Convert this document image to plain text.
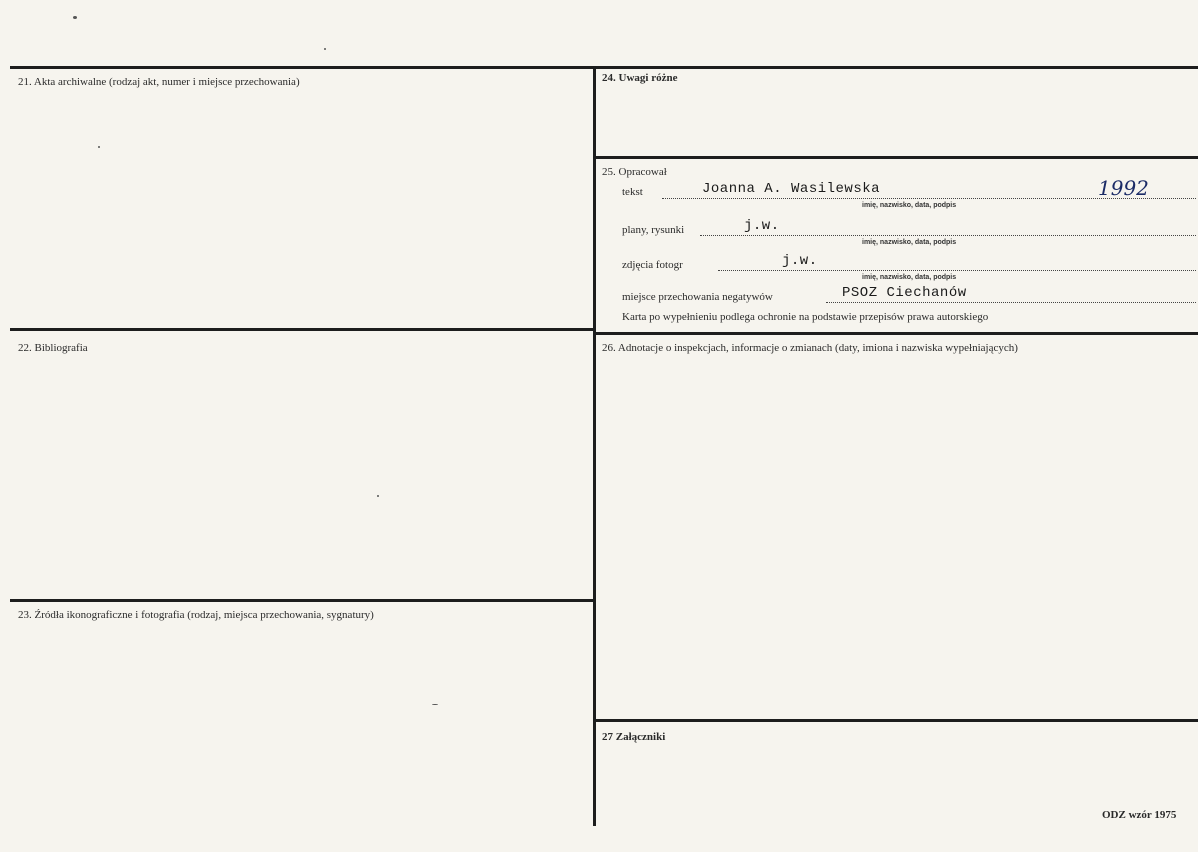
21. Akta archiwalne (rodzaj akt, numer i miejsce przechowania)
22. Bibliografia
23. Źródła ikonograficzne i fotografia (rodzaj, miejsca przechowania, sygnatury)
24. Uwagi różne
25. Opracował
26. Adnotacje o inspekcjach, informacje o zmianach (daty, imiona i nazwiska wypełniających)
27 Załączniki
tekst	Joanna A. Wasilewska	1992
imię, nazwisko, data, podpis
plany, rysunki	j.w.
imię, nazwisko, data, podpis
zdjęcia fotogr	j.w.
imię, nazwisko, data, podpis
miejsce przechowania negatywów	PSOZ Ciechanów
Karta po wypełnieniu podlega ochronie na podstawie przepisów prawa autorskiego
ODZ wzór 1975
